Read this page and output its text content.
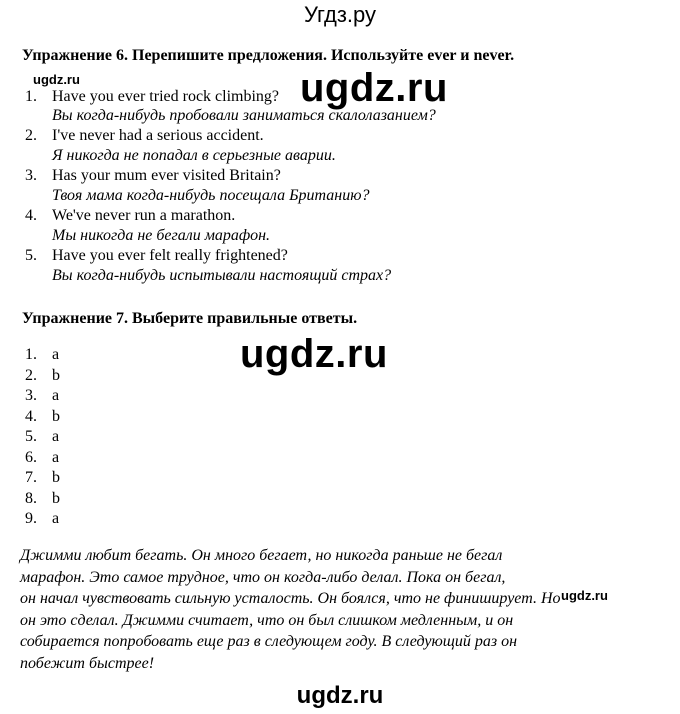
Угдз.ру
Упражнение 6. Перепишите предложения. Используйте ever и never.
ugdz.ru
1. Have you ever tried rock climbing?
Вы когда-нибудь пробовали заниматься скалолазанием?
2. I've never had a serious accident.
Я никогда не попадал в серьезные аварии.
3. Has your mum ever visited Britain?
Твоя мама когда-нибудь посещала Британию?
4. We've never run a marathon.
Мы никогда не бегали марафон.
5. Have you ever felt really frightened?
Вы когда-нибудь испытывали настоящий страх?
ugdz.ru
Упражнение 7. Выберите правильные ответы.
ugdz.ru
1. a
2. b
3. a
4. b
5. a
6. a
7. b
8. b
9. a
Джимми любит бегать. Он много бегает, но никогда раньше не бегал
марафон. Это самое трудное, что он когда-либо делал. Пока он бегал,
он начал чувствовать сильную усталость. Он боялся, что не финиширует. Но
он это сделал. Джимми считает, что он был слишком медленным, и он
собирается попробовать еще раз в следующем году. В следующий раз он
побежит быстрее!
ugdz.ru
ugdz.ru
